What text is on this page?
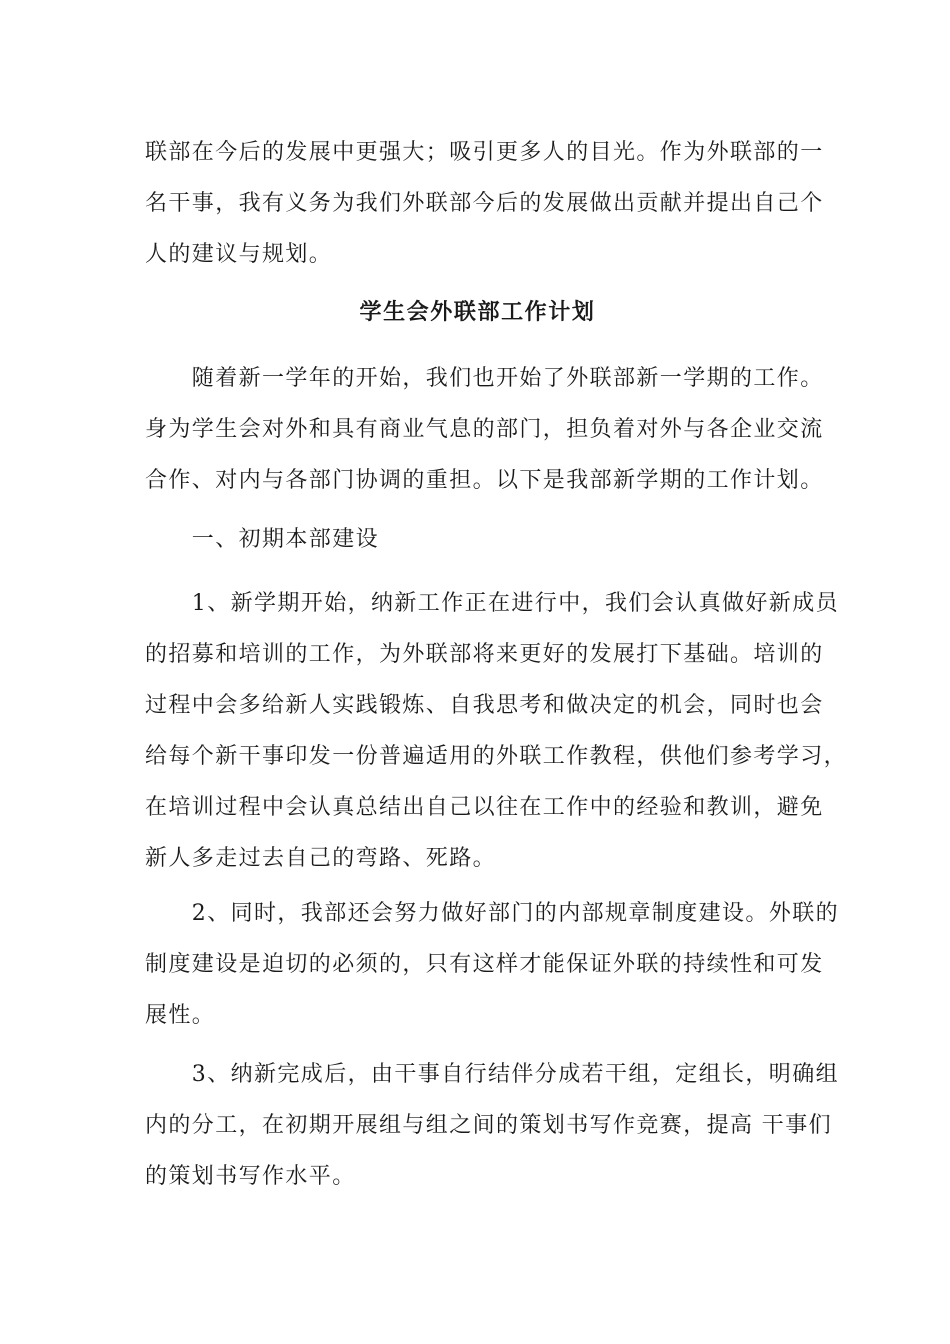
联部在今后的发展中更强大；吸引更多人的目光。作为外联部的一
名干事，我有义务为我们外联部今后的发展做出贡献并提出自己个
人的建议与规划。
学生会外联部工作计划
　　随着新一学年的开始，我们也开始了外联部新一学期的工作。
身为学生会对外和具有商业气息的部门，担负着对外与各企业交流
合作、对内与各部门协调的重担。以下是我部新学期的工作计划。
　　一、初期本部建设
　　1、新学期开始，纳新工作正在进行中，我们会认真做好新成员
的招募和培训的工作，为外联部将来更好的发展打下基础。培训的
过程中会多给新人实践锻炼、自我思考和做决定的机会，同时也会
给每个新干事印发一份普遍适用的外联工作教程，供他们参考学习，
在培训过程中会认真总结出自己以往在工作中的经验和教训，避免
新人多走过去自己的弯路、死路。
　　2、同时，我部还会努力做好部门的内部规章制度建设。外联的
制度建设是迫切的必须的，只有这样才能保证外联的持续性和可发
展性。
　　3、纳新完成后，由干事自行结伴分成若干组，定组长，明确组
内的分工，在初期开展组与组之间的策划书写作竞赛，提高 干事们
的策划书写作水平。
